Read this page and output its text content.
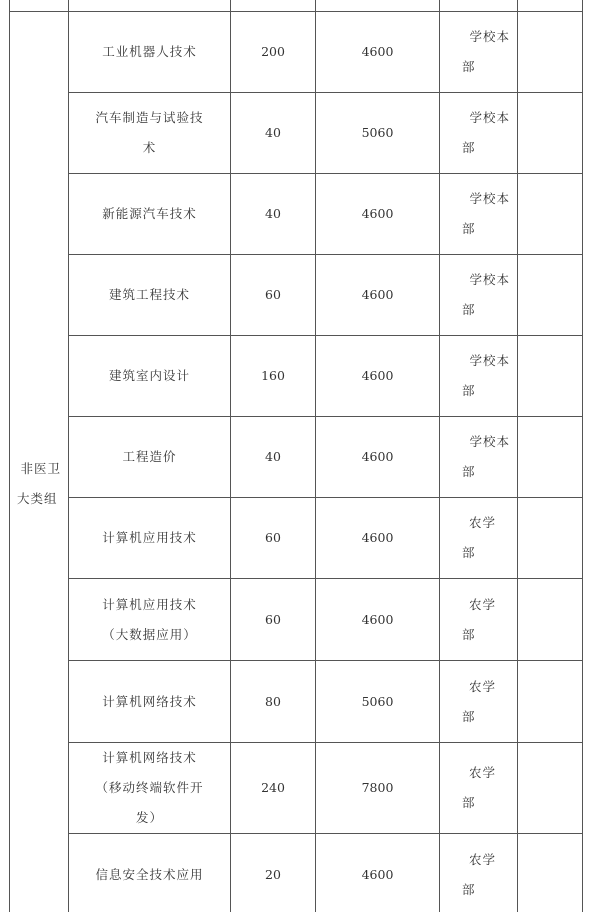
非医卫大类组	工业机器人技术	200	4600	学校本部	

	汽车制造与试验技术	40	5060	学校本部	

	新能源汽车技术	40	4600	学校本部	

	建筑工程技术	60	4600	学校本部	

	建筑室内设计	160	4600	学校本部	

	工程造价	40	4600	学校本部	

	计算机应用技术	60	4600	农学部	

	计算机应用技术（大数据应用）	60	4600	农学部	

	计算机网络技术	80	5060	农学部	

	计算机网络技术（移动终端软件开发）	240	7800	农学部	

	信息安全技术应用	20	4600	农学部	
